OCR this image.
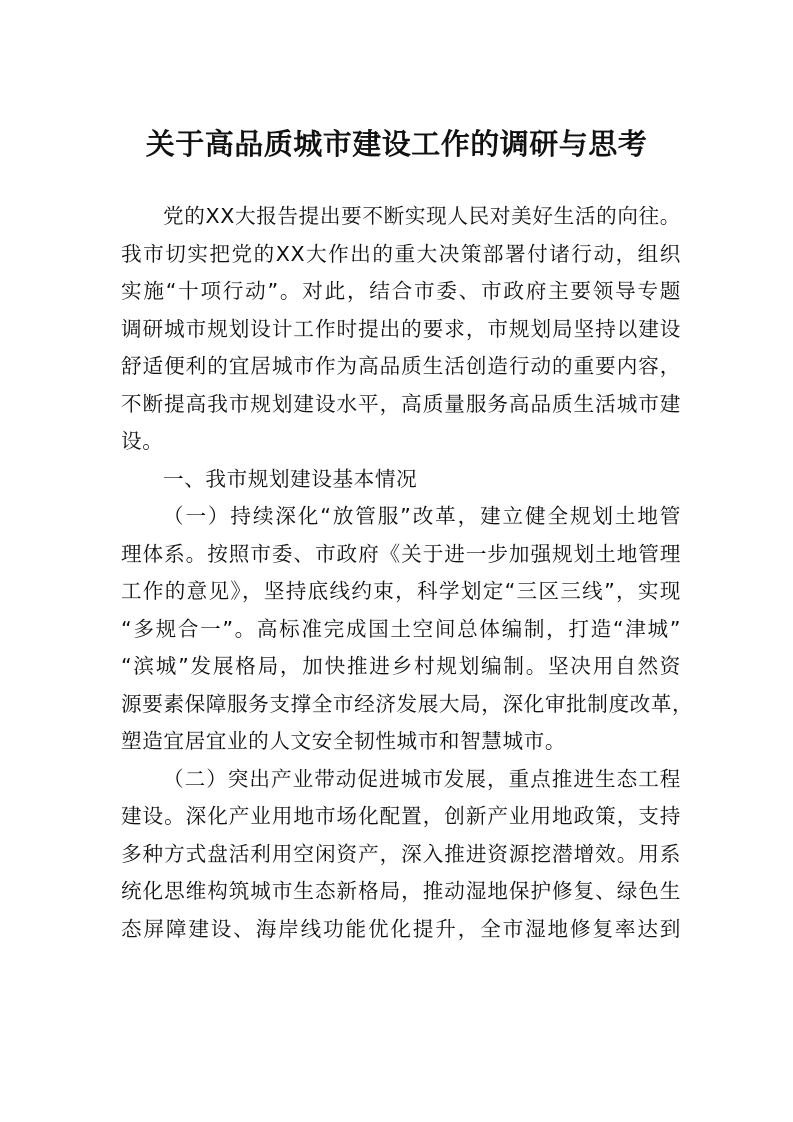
关于高品质城市建设工作的调研与思考
党的XX大报告提出要不断实现人民对美好生活的向往。
我市切实把党的XX大作出的重大决策部署付诸行动，组织
实施“十项行动”。对此，结合市委、市政府主要领导专题
调研城市规划设计工作时提出的要求，市规划局坚持以建设
舒适便利的宜居城市作为高品质生活创造行动的重要内容，
不断提高我市规划建设水平，高质量服务高品质生活城市建
设。
一、我市规划建设基本情况
（一）持续深化“放管服”改革，建立健全规划土地管
理体系。按照市委、市政府《关于进一步加强规划土地管理
工作的意见》，坚持底线约束，科学划定“三区三线”，实现
“多规合一”。高标准完成国土空间总体编制，打造“津城”
“滨城”发展格局，加快推进乡村规划编制。坚决用自然资
源要素保障服务支撑全市经济发展大局，深化审批制度改革，
塑造宜居宜业的人文安全韧性城市和智慧城市。
（二）突出产业带动促进城市发展，重点推进生态工程
建设。深化产业用地市场化配置，创新产业用地政策，支持
多种方式盘活利用空闲资产，深入推进资源挖潜增效。用系
统化思维构筑城市生态新格局，推动湿地保护修复、绿色生
态屏障建设、海岸线功能优化提升，全市湿地修复率达到
